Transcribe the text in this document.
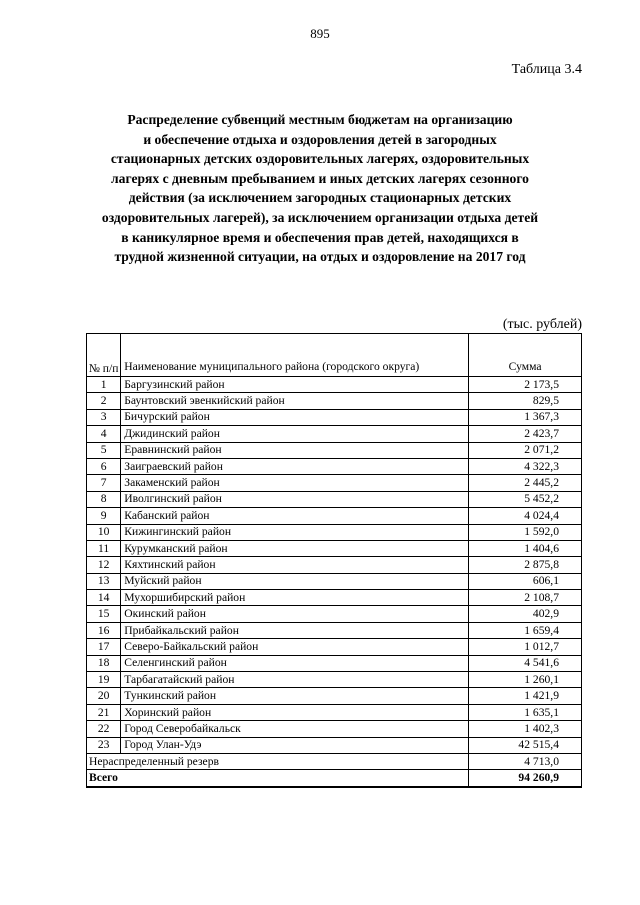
895
Таблица 3.4
Распределение субвенций местным бюджетам на организацию
и обеспечение отдыха и оздоровления детей в загородных
стационарных детских оздоровительных лагерях, оздоровительных
лагерях с дневным пребыванием и иных детских лагерях сезонного
действия (за исключением загородных стационарных детских
оздоровительных лагерей), за исключением организации отдыха детей
в каникулярное время и обеспечения прав детей, находящихся в
трудной жизненной ситуации, на отдых и оздоровление на 2017 год
(тыс. рублей)
№ п/п	Наименование муниципального района (городского округа)	Сумма
1	Баргузинский район	2 173,5
2	Баунтовский эвенкийский район	829,5
3	Бичурский район	1 367,3
4	Джидинский район	2 423,7
5	Еравнинский район	2 071,2
6	Заиграевский район	4 322,3
7	Закаменский район	2 445,2
8	Иволгинский район	5 452,2
9	Кабанский район	4 024,4
10	Кижингинский район	1 592,0
11	Курумканский район	1 404,6
12	Кяхтинский район	2 875,8
13	Муйский район	606,1
14	Мухоршибирский район	2 108,7
15	Окинский район	402,9
16	Прибайкальский район	1 659,4
17	Северо-Байкальский район	1 012,7
18	Селенгинский район	4 541,6
19	Тарбагатайский район	1 260,1
20	Тункинский район	1 421,9
21	Хоринский район	1 635,1
22	Город Северобайкальск	1 402,3
23	Город Улан-Удэ	42 515,4
Нераспределенный резерв		4 713,0
Всего		94 260,9
